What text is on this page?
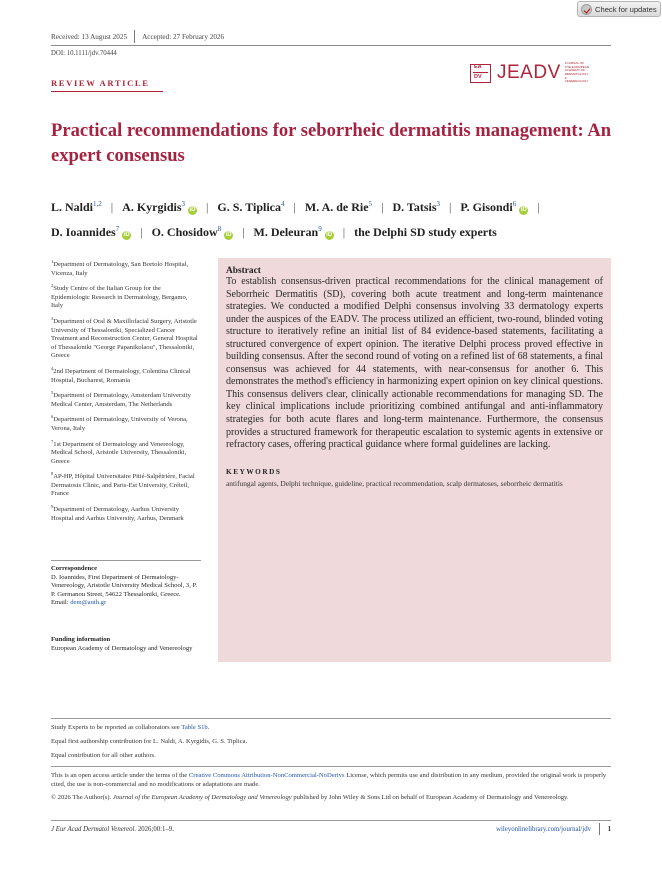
Check for updates
Received: 13 August 2025 Accepted: 27 February 2026
DOI: 10.1111/jdv.70444
REVIEW ARTICLE
EA
DV JEADV JOURNAL OF THE EUROPEAN ACADEMY OF DERMATOLOGY & VENEREOLOGY
Practical recommendations for seborrheic dermatitis management: An expert consensus
L. Naldi$^{1,2}$ | A. Kyrgidis$^3$iD | G. S. Tiplica$^4$ | M. A. de Rie$^5$ | D. Tatsis$^3$ | P. Gisondi$^6$iD |
D. Ioannides$^7$iD | O. Chosidow$^8$iD | M. Deleuran$^9$iD | the Delphi SD study experts
$^1$Department of Dermatology, San Bortolo Hospital, Vicenza, Italy
$^2$Study Centre of the Italian Group for the Epidemiologic Research in Dermatology, Bergamo, Italy
$^3$Department of Oral & Maxillofacial Surgery, Aristotle University of Thessaloniki, Specialized Cancer Treatment and Reconstruction Center, General Hospital of Thessaloniki "George Papanikolaou", Thessaloniki, Greece
$^4$2nd Department of Dermatology, Colentina Clinical Hospital, Bucharest, Romania
$^5$Department of Dermatology, Amsterdam University Medical Center, Amsterdam, The Netherlands
$^6$Department of Dermatology, University of Verona, Verona, Italy
$^7$1st Department of Dermatology and Venereology, Medical School, Aristotle University, Thessaloniki, Greece
$^8$AP-HP, Hôpital Universitaire Pitié-Salpêtrière, Facial Dermatosis Clinic, and Paris-Est University, Créteil, France
$^9$Department of Dermatology, Aarhus University Hospital and Aarhus University, Aarhus, Denmark
Correspondence
D. Ioannides, First Department of Dermatology-Venereology, Aristotle University Medical School, 3, P. P. Germanou Street, 54622 Thessaloniki, Greece.
Email: dem@auth.gr
Funding information
European Academy of Dermatology and Venereology
Abstract
To establish consensus-driven practical recommendations for the clinical management of Seborrheic Dermatitis (SD), covering both acute treatment and long-term maintenance strategies. We conducted a modified Delphi consensus involving 33 dermatology experts under the auspices of the EADV. The process utilized an efficient, two-round, blinded voting structure to iteratively refine an initial list of 84 evidence-based statements, facilitating a structured convergence of expert opinion. The iterative Delphi process proved effective in building consensus. After the second round of voting on a refined list of 68 statements, a final consensus was achieved for 44 statements, with near-consensus for another 6. This demonstrates the method's efficiency in harmonizing expert opinion on key clinical questions. This consensus delivers clear, clinically actionable recommendations for managing SD. The key clinical implications include prioritizing combined antifungal and anti-inflammatory strategies for both acute flares and long-term maintenance. Furthermore, the consensus provides a structured framework for therapeutic escalation to systemic agents in extensive or refractory cases, offering practical guidance where formal guidelines are lacking.
KEYWORDS
antifungal agents, Delphi technique, guideline, practical recommendation, scalp dermatoses, seborrheic dermatitis
Study Experts to be reported as collaborators see Table S1b.
Equal first authorship contribution for L. Naldi, A. Kyrgidis, G. S. Tiplica.
Equal contribution for all other authors.
This is an open access article under the terms of the Creative Commons Attribution-NonCommercial-NoDerivs License, which permits use and distribution in any medium, provided the original work is properly cited, the use is non-commercial and no modifications or adaptations are made.
© 2026 The Author(s). Journal of the European Academy of Dermatology and Venereology published by John Wiley & Sons Ltd on behalf of European Academy of Dermatology and Venereology.
J Eur Acad Dermatol Venereol. 2026;00:1–9.	wileyonlinelibrary.com/journal/jdv 1
